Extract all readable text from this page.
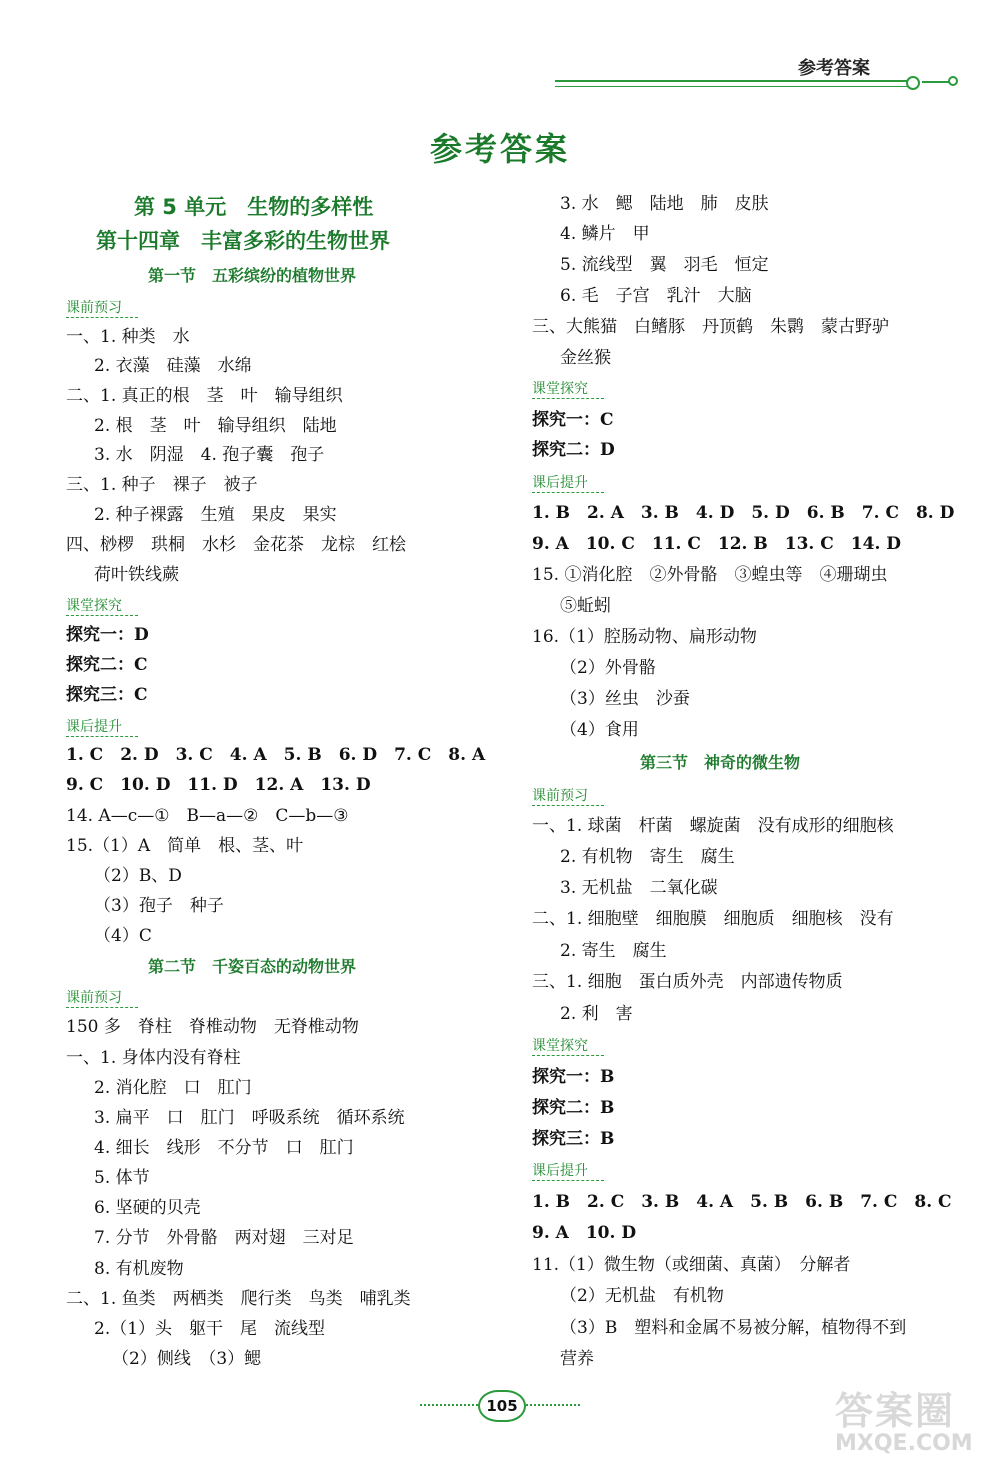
参考答案
参考答案
第 5 单元　生物的多样性
第十四章　丰富多彩的生物世界
第一节　五彩缤纷的植物世界
课前预习
一、1. 种类　水
2. 衣藻　硅藻　水绵
二、1. 真正的根　茎　叶　输导组织
2. 根　茎　叶　输导组织　陆地
3. 水　阴湿　4. 孢子囊　孢子
三、1. 种子　裸子　被子
2. 种子裸露　生殖　果皮　果实
四、桫椤　珙桐　水杉　金花茶　龙棕　红桧
荷叶铁线蕨
课堂探究
探究一：D
探究二：C
探究三：C
课后提升
1. C　2. D　3. C　4. A　5. B　6. D　7. C　8. A
9. C　10. D　11. D　12. A　13. D
14. A—c—①　B—a—②　C—b—③
15.（1）A　简单　根、茎、叶
（2）B、D
（3）孢子　种子
（4）C
第二节　千姿百态的动物世界
课前预习
150 多　脊柱　脊椎动物　无脊椎动物
一、1. 身体内没有脊柱
2. 消化腔　口　肛门
3. 扁平　口　肛门　呼吸系统　循环系统
4. 细长　线形　不分节　口　肛门
5. 体节
6. 坚硬的贝壳
7. 分节　外骨骼　两对翅　三对足
8. 有机废物
二、1. 鱼类　两栖类　爬行类　鸟类　哺乳类
2.（1）头　躯干　尾　流线型
（2）侧线　（3）鳃
3. 水　鳃　陆地　肺　皮肤
4. 鳞片　甲
5. 流线型　翼　羽毛　恒定
6. 毛　子宫　乳汁　大脑
三、大熊猫　白鳍豚　丹顶鹤　朱鹮　蒙古野驴
金丝猴
课堂探究
探究一：C
探究二：D
课后提升
1. B　2. A　3. B　4. D　5. D　6. B　7. C　8. D
9. A　10. C　11. C　12. B　13. C　14. D
15. ①消化腔　②外骨骼　③蝗虫等　④珊瑚虫
⑤蚯蚓
16.（1）腔肠动物、扁形动物
（2）外骨骼
（3）丝虫　沙蚕
（4）食用
第三节　神奇的微生物
课前预习
一、1. 球菌　杆菌　螺旋菌　没有成形的细胞核
2. 有机物　寄生　腐生
3. 无机盐　二氧化碳
二、1. 细胞壁　细胞膜　细胞质　细胞核　没有
2. 寄生　腐生
三、1. 细胞　蛋白质外壳　内部遗传物质
2. 利　害
课堂探究
探究一：B
探究二：B
探究三：B
课后提升
1. B　2. C　3. B　4. A　5. B　6. B　7. C　8. C
9. A　10. D
11.（1）微生物（或细菌、真菌）　分解者
（2）无机盐　有机物
（3）B　塑料和金属不易被分解，植物得不到
营养
105	答案圈
MXQE.COM
